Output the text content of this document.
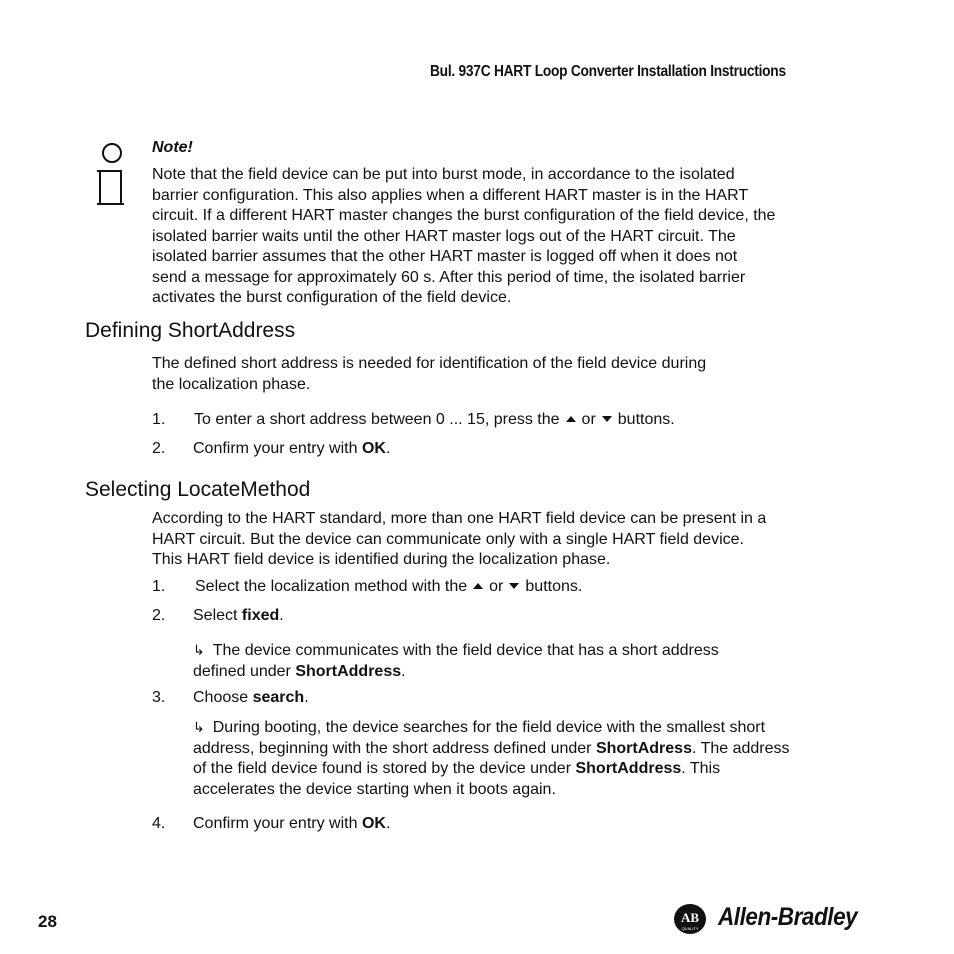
Bul. 937C HART Loop Converter Installation Instructions
Note!
Note that the field device can be put into burst mode, in accordance to the isolated
barrier configuration. This also applies when a different HART master is in the HART
circuit. If a different HART master changes the burst configuration of the field device, the
isolated barrier waits until the other HART master logs out of the HART circuit. The
isolated barrier assumes that the other HART master is logged off when it does not
send a message for approximately 60 s. After this period of time, the isolated barrier
activates the burst configuration of the field device.
Defining ShortAddress
The defined short address is needed for identification of the field device during
the localization phase.
1. To enter a short address between 0 ... 15, press the or buttons.
2. Confirm your entry with OK.
Selecting LocateMethod
According to the HART standard, more than one HART field device can be present in a
HART circuit. But the device can communicate only with a single HART field device.
This HART field device is identified during the localization phase.
1. Select the localization method with the or buttons.
2. Select fixed.
↳ The device communicates with the field device that has a short address
defined under ShortAddress.
3. Choose search.
↳ During booting, the device searches for the field device with the smallest short
address, beginning with the short address defined under ShortAdress. The address
of the field device found is stored by the device under ShortAddress. This
accelerates the device starting when it boots again.
4. Confirm your entry with OK.
28	AB
QUALITY Allen-Bradley
